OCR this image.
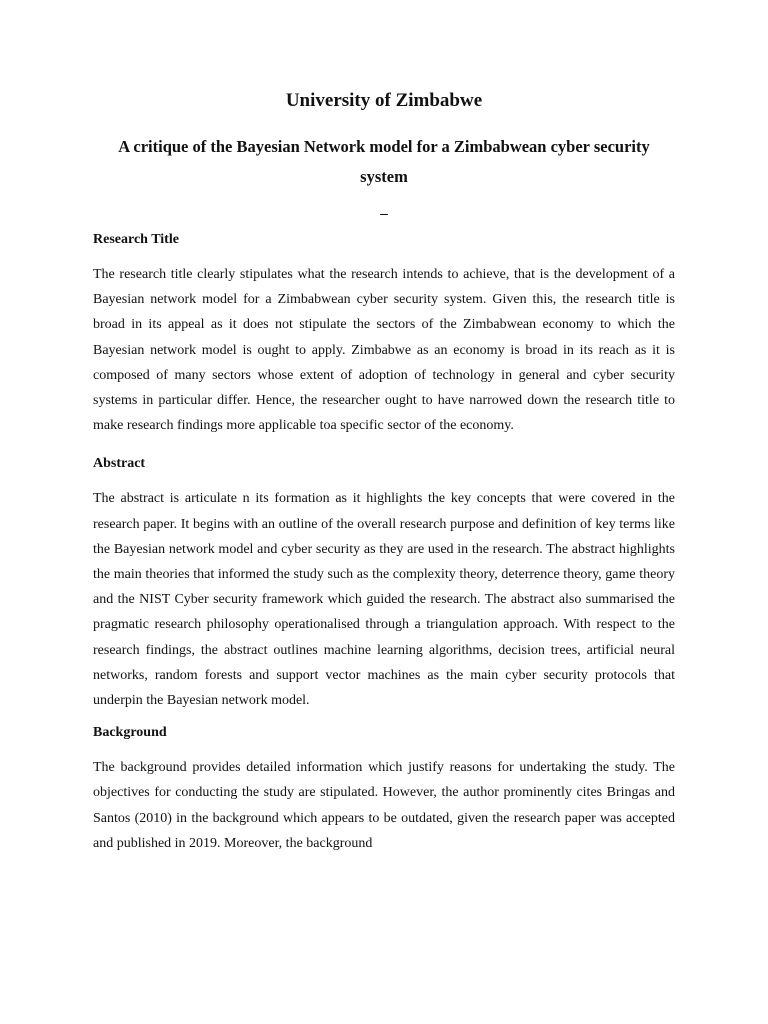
University of Zimbabwe
A critique of the Bayesian Network model for a Zimbabwean cyber security system
–
Research Title

The research title clearly stipulates what the research intends to achieve, that is the development of a Bayesian network model for a Zimbabwean cyber security system. Given this, the research title is broad in its appeal as it does not stipulate the sectors of the Zimbabwean economy to which the Bayesian network model is ought to apply. Zimbabwe as an economy is broad in its reach as it is composed of many sectors whose extent of adoption of technology in general and cyber security systems in particular differ. Hence, the researcher ought to have narrowed down the research title to make research findings more applicable toa specific sector of the economy.

Abstract

The abstract is articulate n its formation as it highlights the key concepts that were covered in the research paper. It begins with an outline of the overall research purpose and definition of key terms like the Bayesian network model and cyber security as they are used in the research. The abstract highlights the main theories that informed the study such as the complexity theory, deterrence theory, game theory and the NIST Cyber security framework which guided the research. The abstract also summarised the pragmatic research philosophy operationalised through a triangulation approach. With respect to the research findings, the abstract outlines machine learning algorithms, decision trees, artificial neural networks, random forests and support vector machines as the main cyber security protocols that underpin the Bayesian network model.

Background

The background provides detailed information which justify reasons for undertaking the study. The objectives for conducting the study are stipulated. However, the author prominently cites Bringas and Santos (2010) in the background which appears to be outdated, given the research paper was accepted and published in 2019. Moreover, the background
